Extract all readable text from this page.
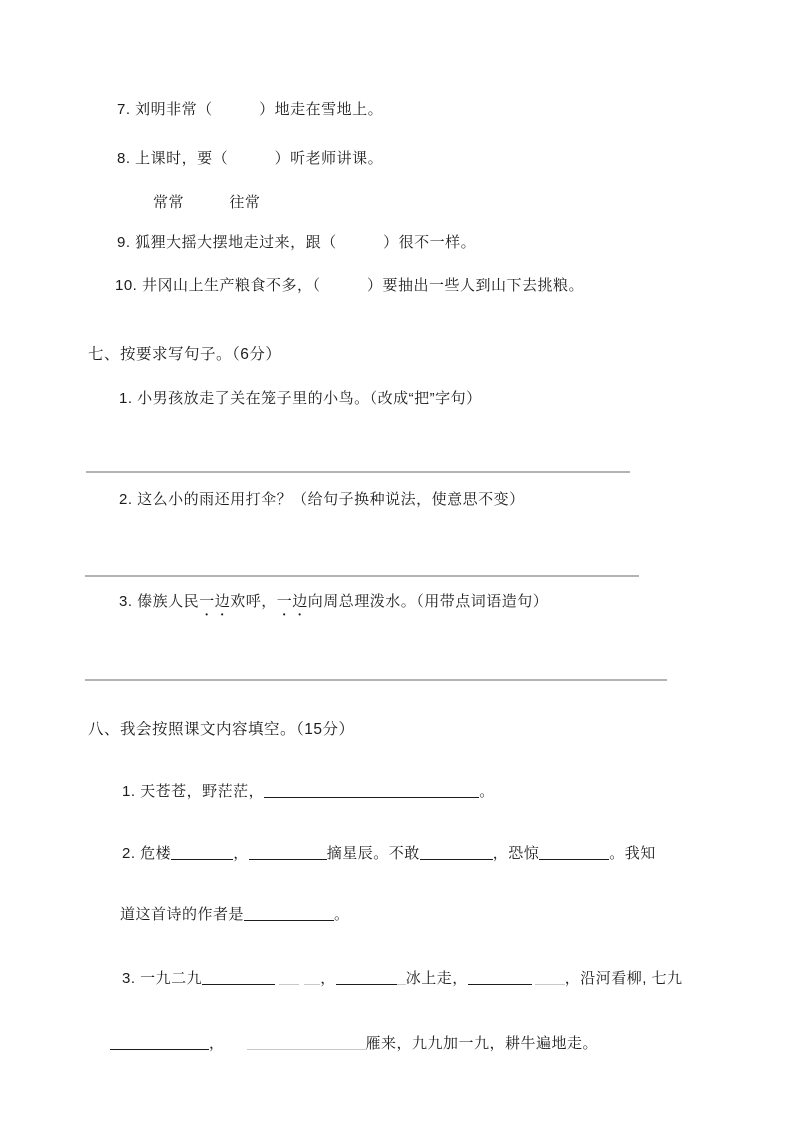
7. 刘明非常（　　　）地走在雪地上。
8. 上课时，要（　　　）听老师讲课。
常常	往常
9. 狐狸大摇大摆地走过来，跟（　　　）很不一样。
10. 井冈山上生产粮食不多，（　　　）要抽出一些人到山下去挑粮。
七、按要求写句子。（6分）
1. 小男孩放走了关在笼子里的小鸟。（改成“把”字句）
2. 这么小的雨还用打伞？（给句子换种说法，使意思不变）
3. 傣族人民一边欢呼，一边向周总理泼水。（用带点词语造句）
八、我会按照课文内容填空。（15分）
1. 天苍苍，野茫茫，	。
2. 危楼	，	摘星辰。不敢	，恐惊	。我知
道这首诗的作者是	。
3. 一九二九	，	冰上走，	，沿河看柳, 七九
，	雁来，九九加一九，耕牛遍地走。
